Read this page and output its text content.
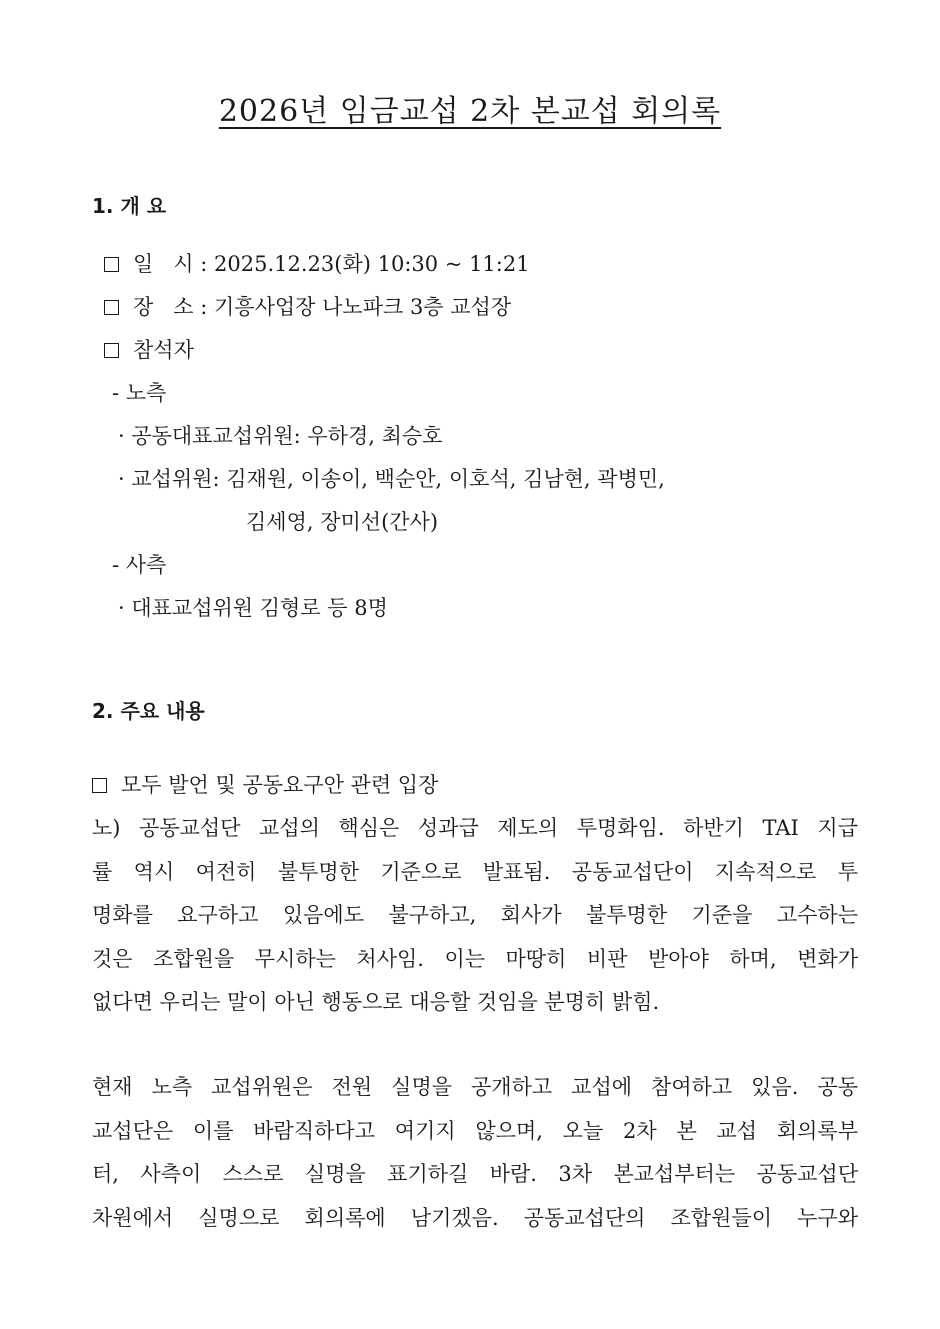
2026년 임금교섭 2차 본교섭 회의록
1. 개 요
일   시 : 2025.12.23(화) 10:30 ~ 11:21
장   소 : 기흥사업장 나노파크 3층 교섭장
참석자
- 노측
· 공동대표교섭위원: 우하경, 최승호
· 교섭위원: 김재원, 이송이, 백순안, 이호석, 김남현, 곽병민,
김세영, 장미선(간사)
- 사측
· 대표교섭위원 김형로 등 8명
2. 주요 내용
모두 발언 및 공동요구안 관련 입장
노) 공동교섭단 교섭의 핵심은 성과급 제도의 투명화임. 하반기 TAI 지급
률 역시 여전히 불투명한 기준으로 발표됨. 공동교섭단이 지속적으로 투
명화를 요구하고 있음에도 불구하고, 회사가 불투명한 기준을 고수하는
것은 조합원을 무시하는 처사임. 이는 마땅히 비판 받아야 하며, 변화가
없다면 우리는 말이 아닌 행동으로 대응할 것임을 분명히 밝힘.
현재 노측 교섭위원은 전원 실명을 공개하고 교섭에 참여하고 있음. 공동
교섭단은 이를 바람직하다고 여기지 않으며, 오늘 2차 본 교섭 회의록부
터, 사측이 스스로 실명을 표기하길 바람. 3차 본교섭부터는 공동교섭단
차원에서 실명으로 회의록에 남기겠음. 공동교섭단의 조합원들이 누구와
